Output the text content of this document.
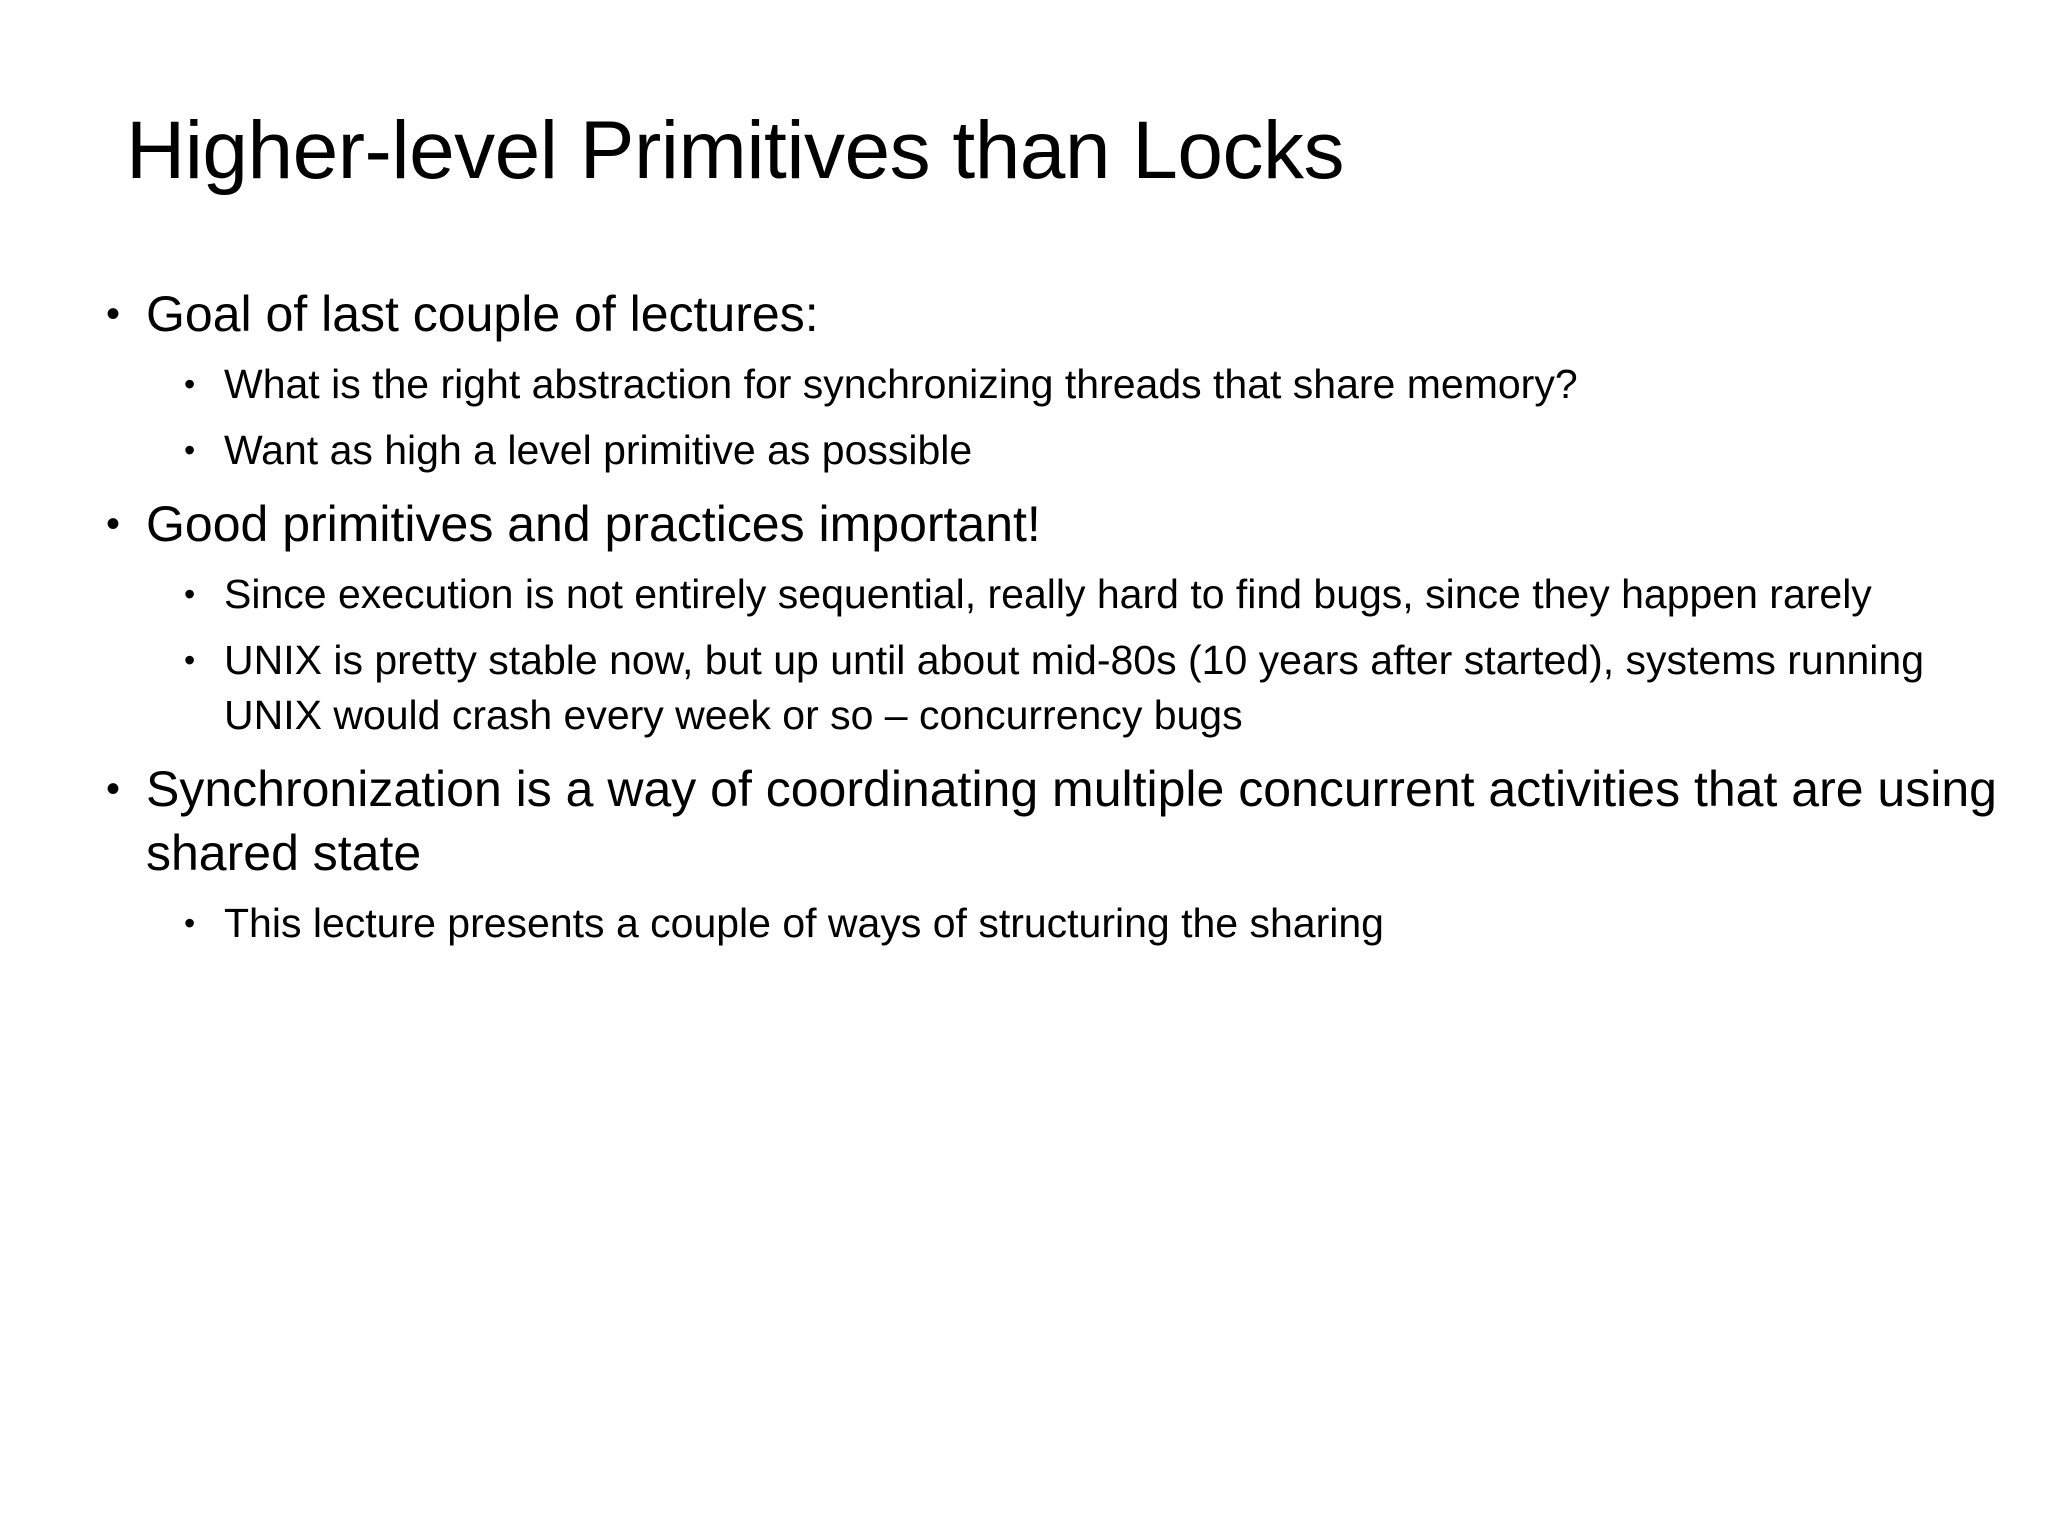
Higher-level Primitives than Locks
• Goal of last couple of lectures:
• What is the right abstraction for synchronizing threads that share memory?
• Want as high a level primitive as possible
• Good primitives and practices important!
• Since execution is not entirely sequential, really hard to find bugs, since they happen rarely
• UNIX is pretty stable now, but up until about mid-80s (10 years after started), systems running UNIX would crash every week or so – concurrency bugs
• Synchronization is a way of coordinating multiple concurrent activities that are using shared state
• This lecture presents a couple of ways of structuring the sharing
